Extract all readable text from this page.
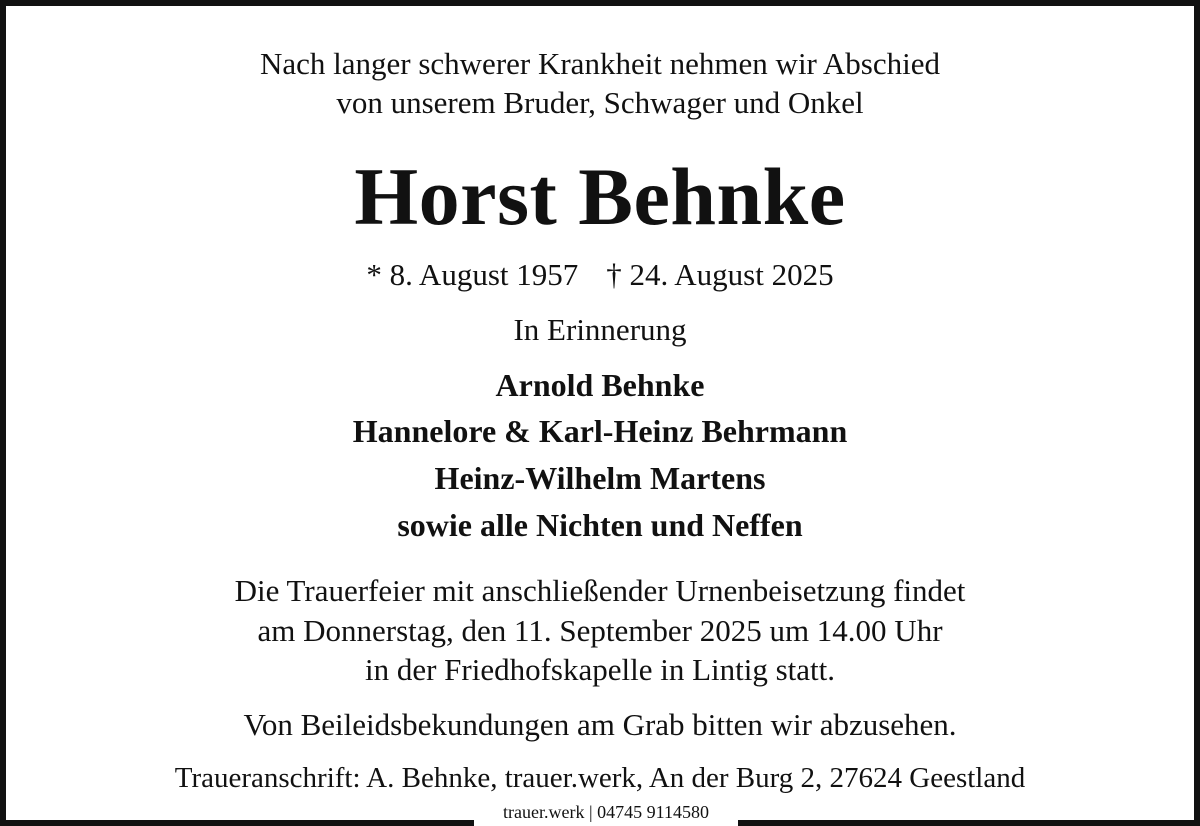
Nach langer schwerer Krankheit nehmen wir Abschied
von unserem Bruder, Schwager und Onkel
Horst Behnke
* 8. August 1957 † 24. August 2025
In Erinnerung
Arnold Behnke
Hannelore & Karl-Heinz Behrmann
Heinz-Wilhelm Martens
sowie alle Nichten und Neffen
Die Trauerfeier mit anschließender Urnenbeisetzung findet
am Donnerstag, den 11. September 2025 um 14.00 Uhr
in der Friedhofskapelle in Lintig statt.
Von Beileidsbekundungen am Grab bitten wir abzusehen.
Traueranschrift: A. Behnke, trauer.werk, An der Burg 2, 27624 Geestland
trauer.werk | 04745 9114580
